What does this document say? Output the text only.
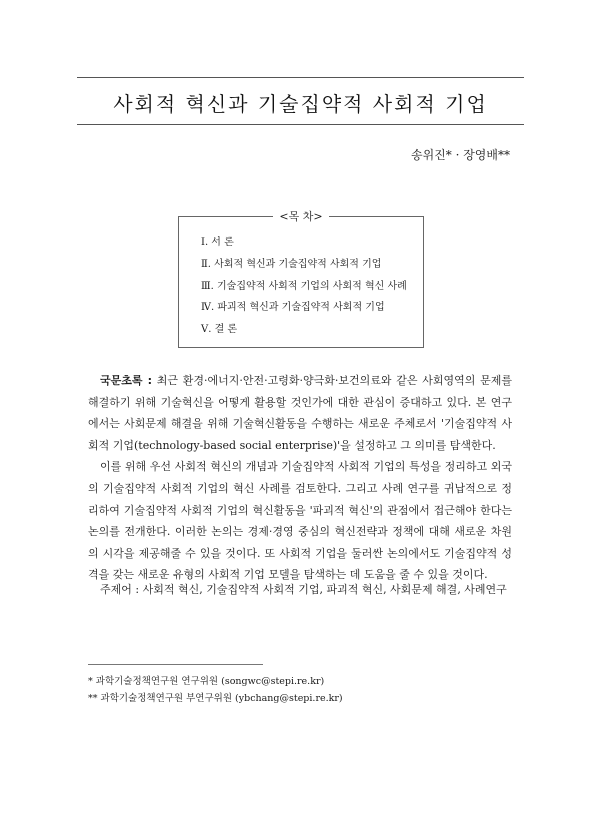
사회적 혁신과 기술집약적 사회적 기업
송위진* · 장영배**
<목 차>
Ⅰ. 서 론
Ⅱ. 사회적 혁신과 기술집약적 사회적 기업
Ⅲ. 기술집약적 사회적 기업의 사회적 혁신 사례
Ⅳ. 파괴적 혁신과 기술집약적 사회적 기업
Ⅴ. 결 론

국문초록 : 최근 환경·에너지·안전·고령화·양극화·보건의료와 같은 사회영역의 문제를 해결하기 위해 기술혁신을 어떻게 활용할 것인가에 대한 관심이 증대하고 있다. 본 연구에서는 사회문제 해결을 위해 기술혁신활동을 수행하는 새로운 주체로서 '기술집약적 사회적 기업(technology-based social enterprise)'을 설정하고 그 의미를 탐색한다.

이를 위해 우선 사회적 혁신의 개념과 기술집약적 사회적 기업의 특성을 정리하고 외국의 기술집약적 사회적 기업의 혁신 사례를 검토한다. 그리고 사례 연구를 귀납적으로 정리하여 기술집약적 사회적 기업의 혁신활동을 '파괴적 혁신'의 관점에서 접근해야 한다는 논의를 전개한다. 이러한 논의는 경제·경영 중심의 혁신전략과 정책에 대해 새로운 차원의 시각을 제공해줄 수 있을 것이다. 또 사회적 기업을 둘러싼 논의에서도 기술집약적 성격을 갖는 새로운 유형의 사회적 기업 모델을 탐색하는 데 도움을 줄 수 있을 것이다.

주제어 : 사회적 혁신, 기술집약적 사회적 기업, 파괴적 혁신, 사회문제 해결, 사례연구
* 과학기술정책연구원 연구위원 (songwc@stepi.re.kr)
** 과학기술정책연구원 부연구위원 (ybchang@stepi.re.kr)
